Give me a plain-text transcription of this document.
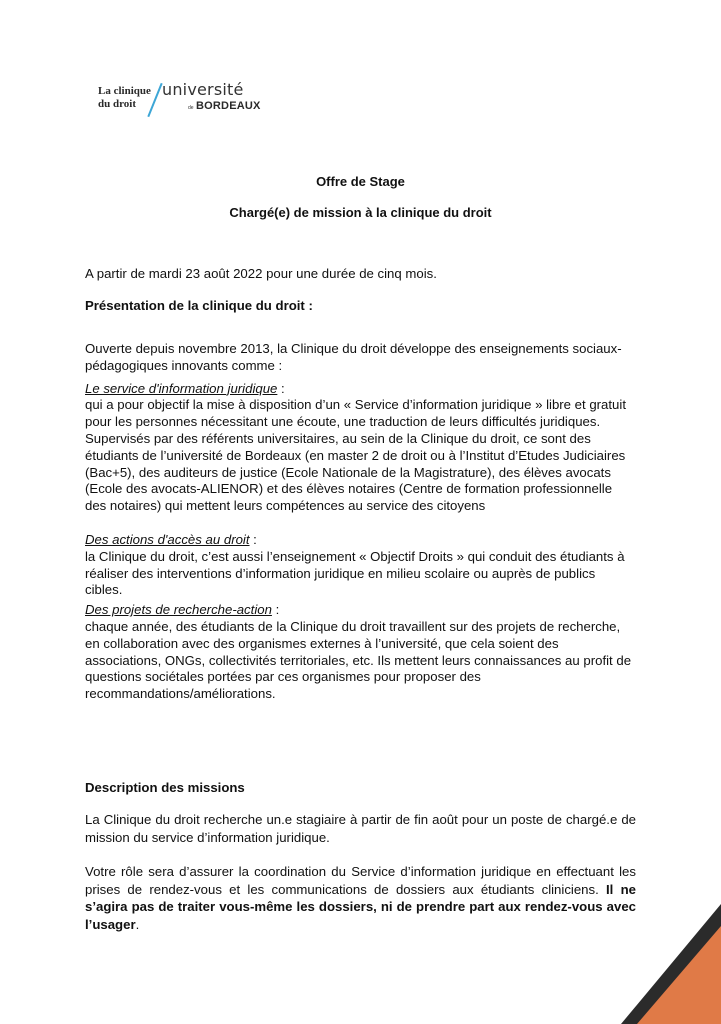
La clinique
du droit
université
de BORDEAUX
Offre de Stage
Chargé(e) de mission à la clinique du droit
A partir de mardi 23 août 2022 pour une durée de cinq mois.
Présentation de la clinique du droit :

Ouverte depuis novembre 2013, la Clinique du droit développe des enseignements sociaux-pédagogiques innovants comme :

Le service d'information juridique :

qui a pour objectif la mise à disposition d’un « Service d’information juridique » libre et gratuit pour les personnes nécessitant une écoute, une traduction de leurs difficultés juridiques.

Supervisés par des référents universitaires, au sein de la Clinique du droit, ce sont des étudiants de l’université de Bordeaux (en master 2 de droit ou à l’Institut d’Etudes Judiciaires (Bac+5), des auditeurs de justice (Ecole Nationale de la Magistrature), des élèves avocats (Ecole des avocats-ALIENOR) et des élèves notaires (Centre de formation professionnelle des notaires) qui mettent leurs compétences au service des citoyens

Des actions d'accès au droit :

la Clinique du droit, c’est aussi l’enseignement « Objectif Droits » qui conduit des étudiants à réaliser des interventions d’information juridique en milieu scolaire ou auprès de publics cibles.

Des projets de recherche-action :

chaque année, des étudiants de la Clinique du droit travaillent sur des projets de recherche, en collaboration avec des organismes externes à l’université, que cela soient des associations, ONGs, collectivités territoriales, etc. Ils mettent leurs connaissances au profit de questions sociétales portées par ces organismes pour proposer des recommandations/améliorations.

Description des missions
La Clinique du droit recherche un.e stagiaire à partir de fin août pour un poste de chargé.e de mission du service d’information juridique.
Votre rôle sera d’assurer la coordination du Service d’information juridique en effectuant les prises de rendez-vous et les communications de dossiers aux étudiants cliniciens. Il ne s’agira pas de traiter vous-même les dossiers, ni de prendre part aux rendez-vous avec l’usager.
